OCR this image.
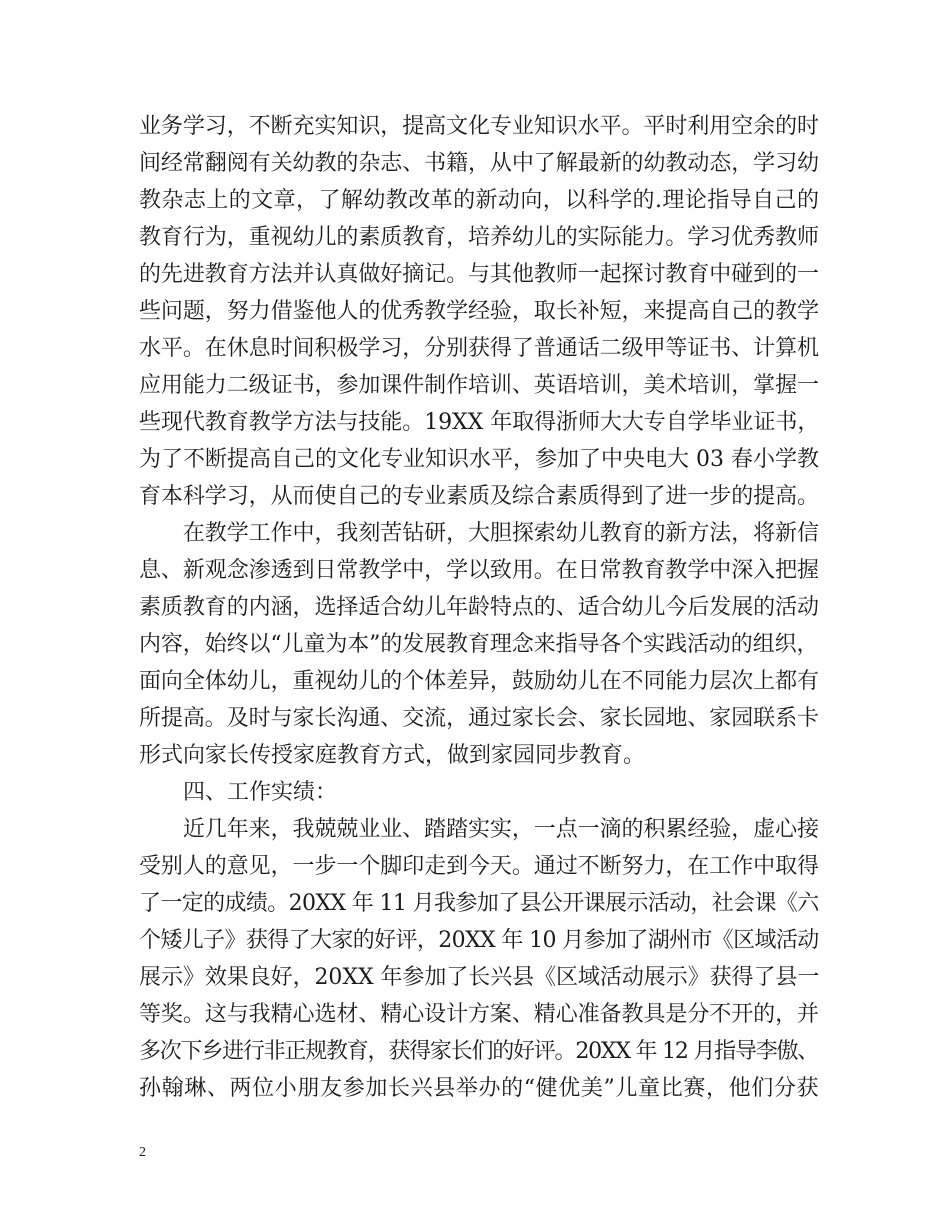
业务学习，不断充实知识，提高文化专业知识水平。平时利用空余的时
间经常翻阅有关幼教的杂志、书籍，从中了解最新的幼教动态，学习幼
教杂志上的文章，了解幼教改革的新动向，以科学的.理论指导自己的
教育行为，重视幼儿的素质教育，培养幼儿的实际能力。学习优秀教师
的先进教育方法并认真做好摘记。与其他教师一起探讨教育中碰到的一
些问题，努力借鉴他人的优秀教学经验，取长补短，来提高自己的教学
水平。在休息时间积极学习，分别获得了普通话二级甲等证书、计算机
应用能力二级证书，参加课件制作培训、英语培训，美术培训，掌握一
些现代教育教学方法与技能。19XX 年取得浙师大大专自学毕业证书，
为了不断提高自己的文化专业知识水平，参加了中央电大 03 春小学教
育本科学习，从而使自己的专业素质及综合素质得到了进一步的提高。
　　在教学工作中，我刻苦钻研，大胆探索幼儿教育的新方法，将新信
息、新观念渗透到日常教学中，学以致用。在日常教育教学中深入把握
素质教育的内涵，选择适合幼儿年龄特点的、适合幼儿今后发展的活动
内容，始终以“儿童为本”的发展教育理念来指导各个实践活动的组织，
面向全体幼儿，重视幼儿的个体差异，鼓励幼儿在不同能力层次上都有
所提高。及时与家长沟通、交流，通过家长会、家长园地、家园联系卡
形式向家长传授家庭教育方式，做到家园同步教育。
　　四、工作实绩：
　　近几年来，我兢兢业业、踏踏实实，一点一滴的积累经验，虚心接
受别人的意见，一步一个脚印走到今天。通过不断努力，在工作中取得
了一定的成绩。20XX 年 11 月我参加了县公开课展示活动，社会课《六
个矮儿子》获得了大家的好评，20XX 年 10 月参加了湖州市《区域活动
展示》效果良好，20XX 年参加了长兴县《区域活动展示》获得了县一
等奖。这与我精心选材、精心设计方案、精心准备教具是分不开的，并
多次下乡进行非正规教育，获得家长们的好评。20XX 年 12 月指导李傲、
孙翰琳、两位小朋友参加长兴县举办的“健优美”儿童比赛，他们分获
2
